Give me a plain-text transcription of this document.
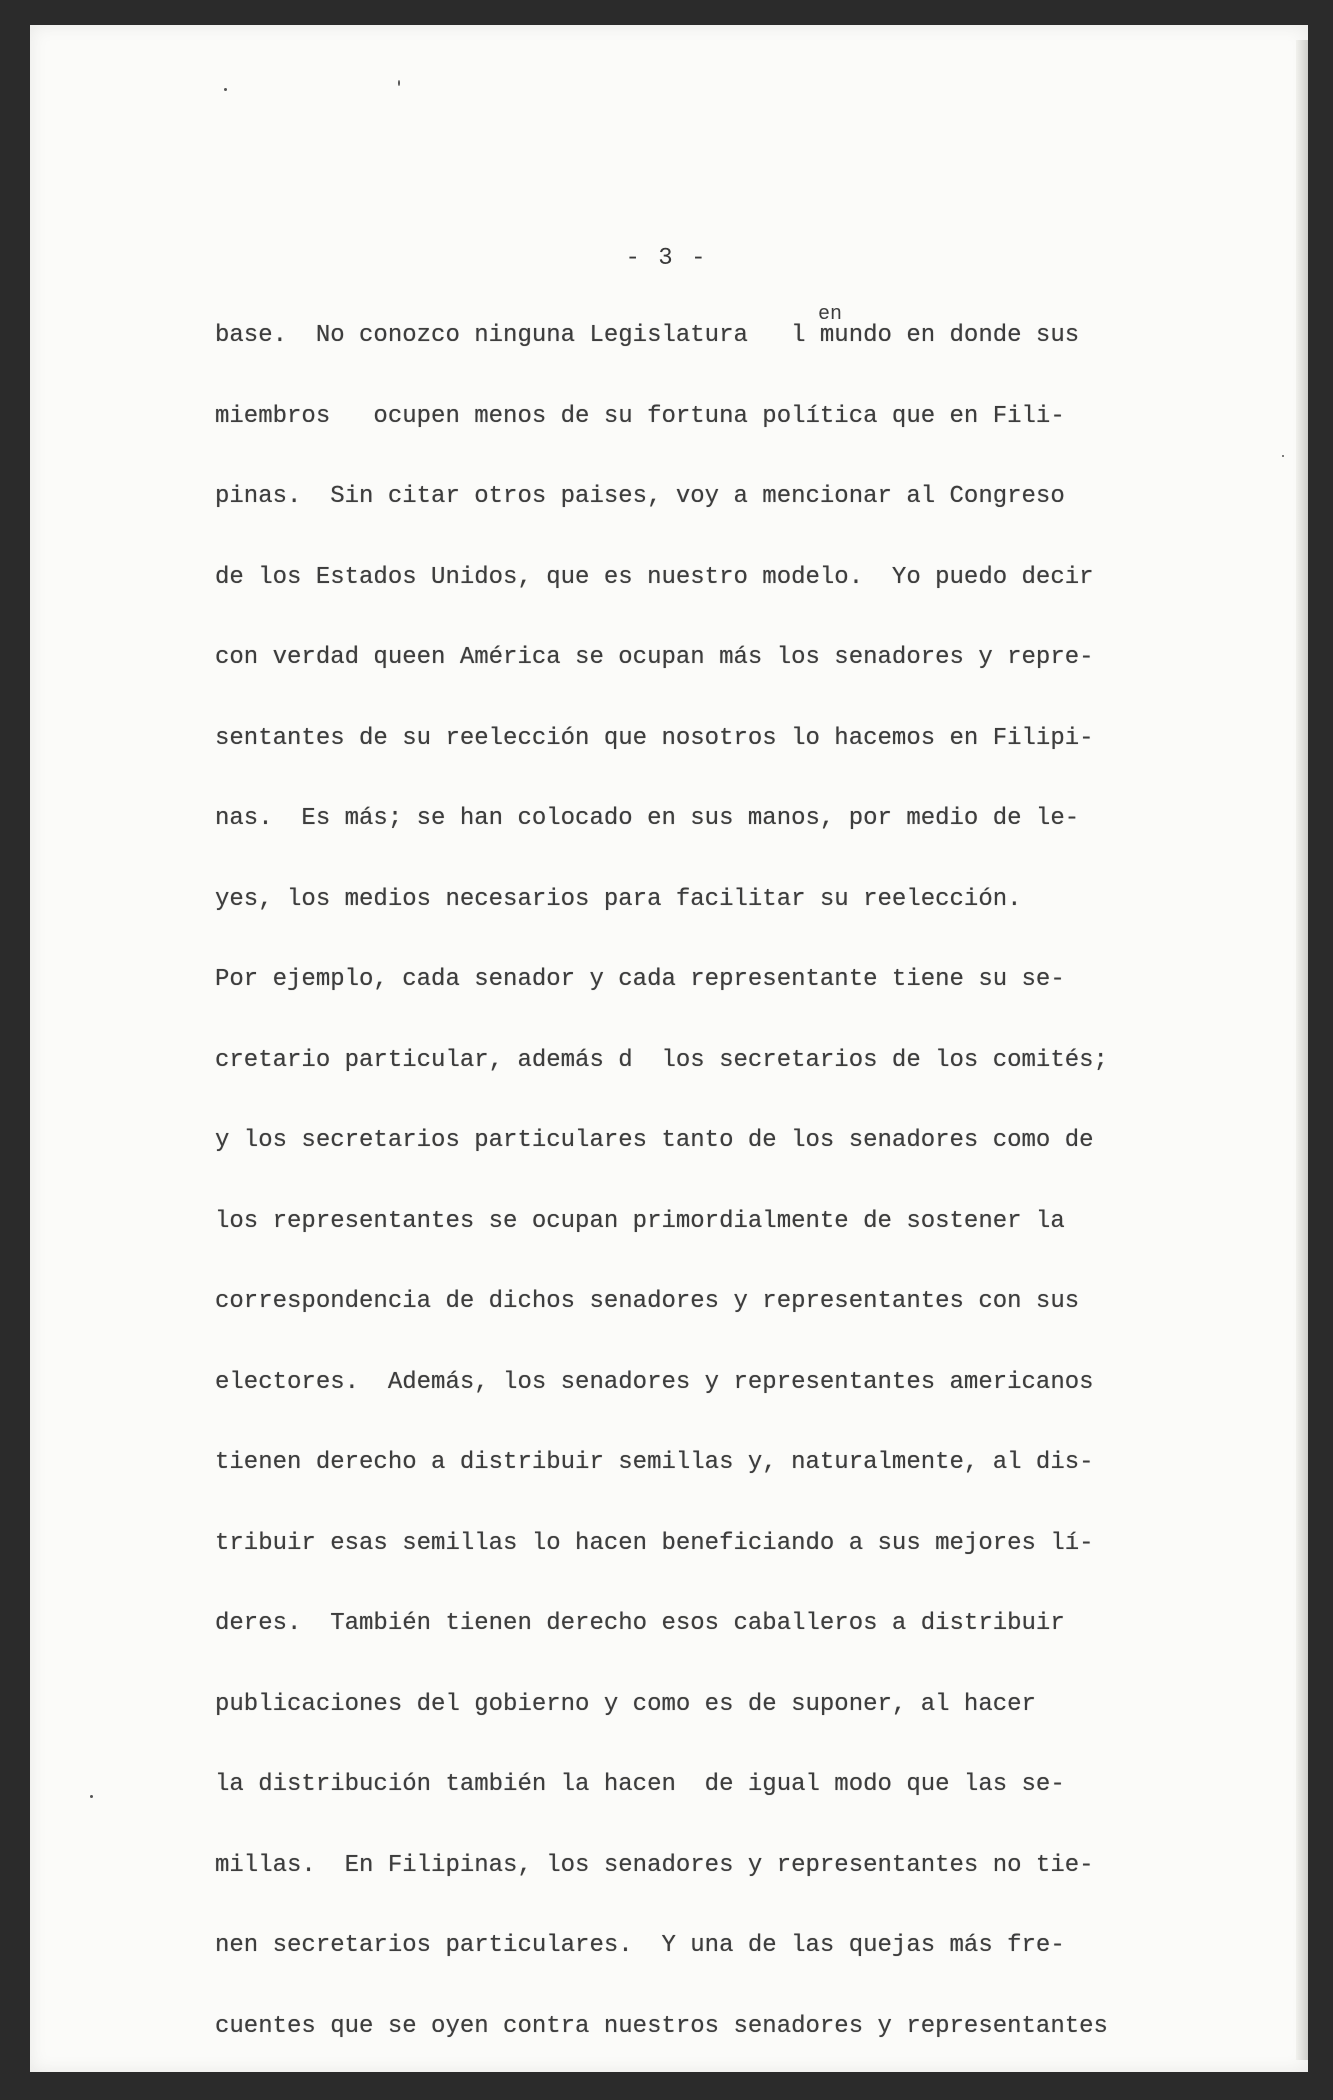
- 3 -
en
base.  No conozco ninguna Legislatura   l mundo en donde sus
miembros   ocupen menos de su fortuna política que en Fili-
pinas.  Sin citar otros paises, voy a mencionar al Congreso
de los Estados Unidos, que es nuestro modelo.  Yo puedo decir
con verdad queen América se ocupan más los senadores y repre-
sentantes de su reelección que nosotros lo hacemos en Filipi-
nas.  Es más; se han colocado en sus manos, por medio de le-
yes, los medios necesarios para facilitar su reelección.
Por ejemplo, cada senador y cada representante tiene su se-
cretario particular, además d  los secretarios de los comités;
y los secretarios particulares tanto de los senadores como de
los representantes se ocupan primordialmente de sostener la
correspondencia de dichos senadores y representantes con sus
electores.  Además, los senadores y representantes americanos
tienen derecho a distribuir semillas y, naturalmente, al dis-
tribuir esas semillas lo hacen beneficiando a sus mejores lí-
deres.  También tienen derecho esos caballeros a distribuir
publicaciones del gobierno y como es de suponer, al hacer
la distribución también la hacen  de igual modo que las se-
millas.  En Filipinas, los senadores y representantes no tie-
nen secretarios particulares.  Y una de las quejas más fre-
cuentes que se oyen contra nuestros senadores y representantes
